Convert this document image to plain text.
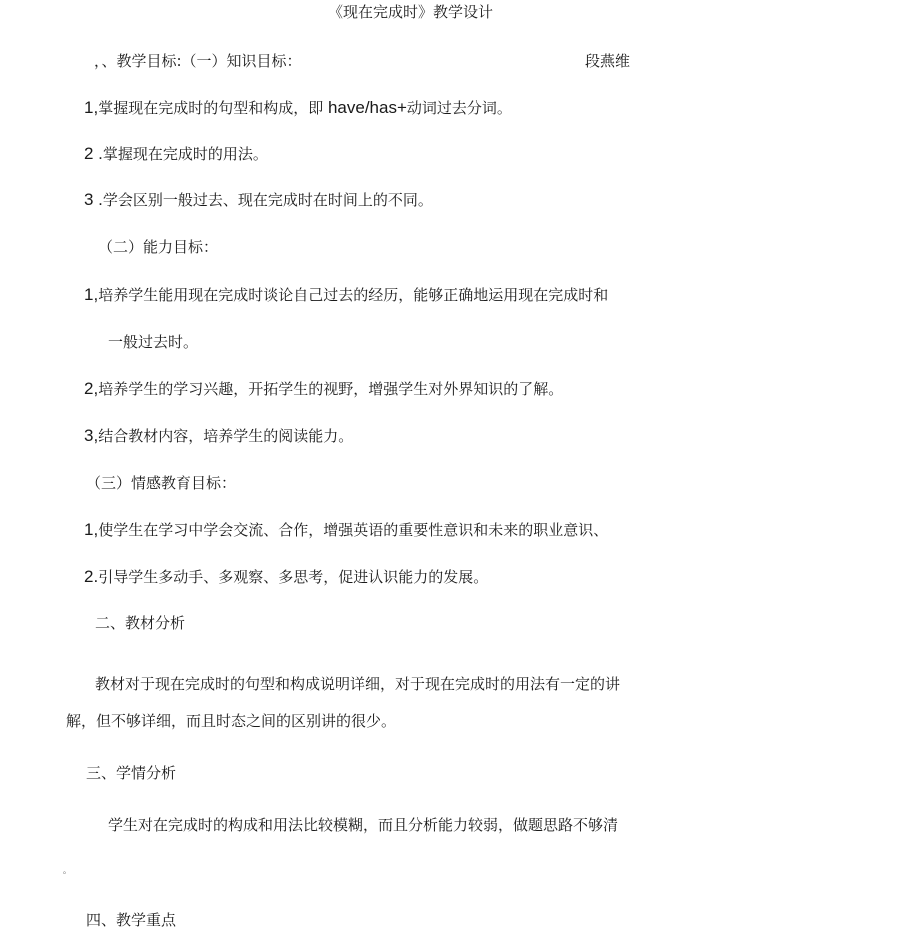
《现在完成时》教学设计
，、教学目标:（一）知识目标：	段燕维
1,掌握现在完成时的句型和构成，即 have/has+动词过去分词。
2 .掌握现在完成时的用法。
3 .学会区别一般过去、现在完成时在时间上的不同。
（二）能力目标：
1,培养学生能用现在完成时谈论自己过去的经历，能够正确地运用现在完成时和
一般过去时。
2,培养学生的学习兴趣，开拓学生的视野，增强学生对外界知识的了解。
3,结合教材内容，培养学生的阅读能力。
（三）情感教育目标：
1,使学生在学习中学会交流、合作，增强英语的重要性意识和未来的职业意识、
2.引导学生多动手、多观察、多思考，促进认识能力的发展。
二、教材分析
教材对于现在完成时的句型和构成说明详细，对于现在完成时的用法有一定的讲
解，但不够详细，而且时态之间的区别讲的很少。
三、学情分析
学生对在完成时的构成和用法比较模糊，而且分析能力较弱，做题思路不够清
。
四、教学重点
